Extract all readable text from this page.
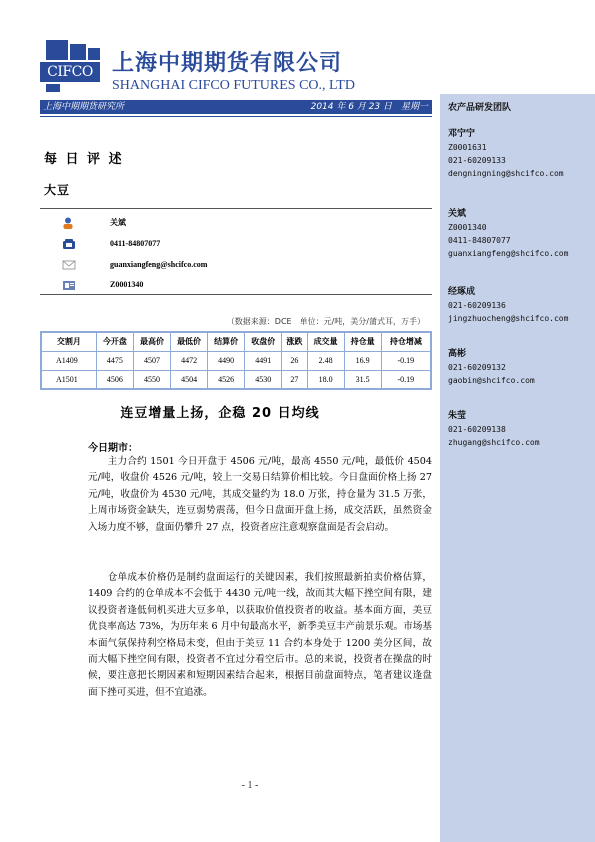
CIFCO 上海中期期货有限公司
SHANGHAI CIFCO FUTURES CO., LTD
上海中期期货研究所	2014 年 6 月 23 日　星期一 农产品研发团队
邓宁宁
Z0001631
021-60209133
dengningning@shcifco.com
关斌
Z0001340
0411-84807077
guanxiangfeng@shcifco.com
经琢成
021-60209136
jingzhuocheng@shcifco.com
高彬
021-60209132
gaobin@shcifco.com
朱莹
021-60209138
zhugang@shcifco.com
每 日 评 述
大豆
关斌
0411-84807077
guanxiangfeng@shcifco.com
Z0001340
（数据来源：DCE　单位：元/吨，美分/蒲式耳，万手）
交割月	今开盘	最高价	最低价	结算价	收盘价	涨跌	成交量	持仓量	持仓增减
A1409	4475	4507	4472	4490	4491	26	2.48	16.9	-0.19
A1501	4506	4550	4504	4526	4530	27	18.0	31.5	-0.19
连豆增量上扬，企稳 20 日均线
今日期市：
　　主力合约 1501 今日开盘于 4506 元/吨，最高 4550 元/吨，最低价 4504 元/吨，收盘价 4526 元/吨，较上一交易日结算价相比较。今日盘面价格上扬 27 元/吨，收盘价为 4530 元/吨，其成交量约为 18.0 万张，持仓量为 31.5 万张，上周市场资金缺失，连豆弱势震荡，但今日盘面开盘上扬，成交活跃，虽然资金入场力度不够，盘面仍攀升 27 点，投资者应注意观察盘面是否会启动。
　　仓单成本价格仍是制约盘面运行的关键因素，我们按照最新拍卖价格估算，1409 合约的仓单成本不会低于 4430 元/吨一线，故而其大幅下挫空间有限，建议投资者逢低伺机买进大豆多单，以获取价值投资者的收益。基本面方面，美豆优良率高达 73%，为历年来 6 月中旬最高水平，新季美豆丰产前景乐观。市场基本面气氛保持利空格局未变，但由于美豆 11 合约本身处于 1200 美分区间，故而大幅下挫空间有限，投资者不宜过分看空后市。总的来说，投资者在操盘的时候，要注意把长期因素和短期因素结合起来，根据目前盘面特点，笔者建议逢盘面下挫可买进，但不宜追涨。
- 1 -
